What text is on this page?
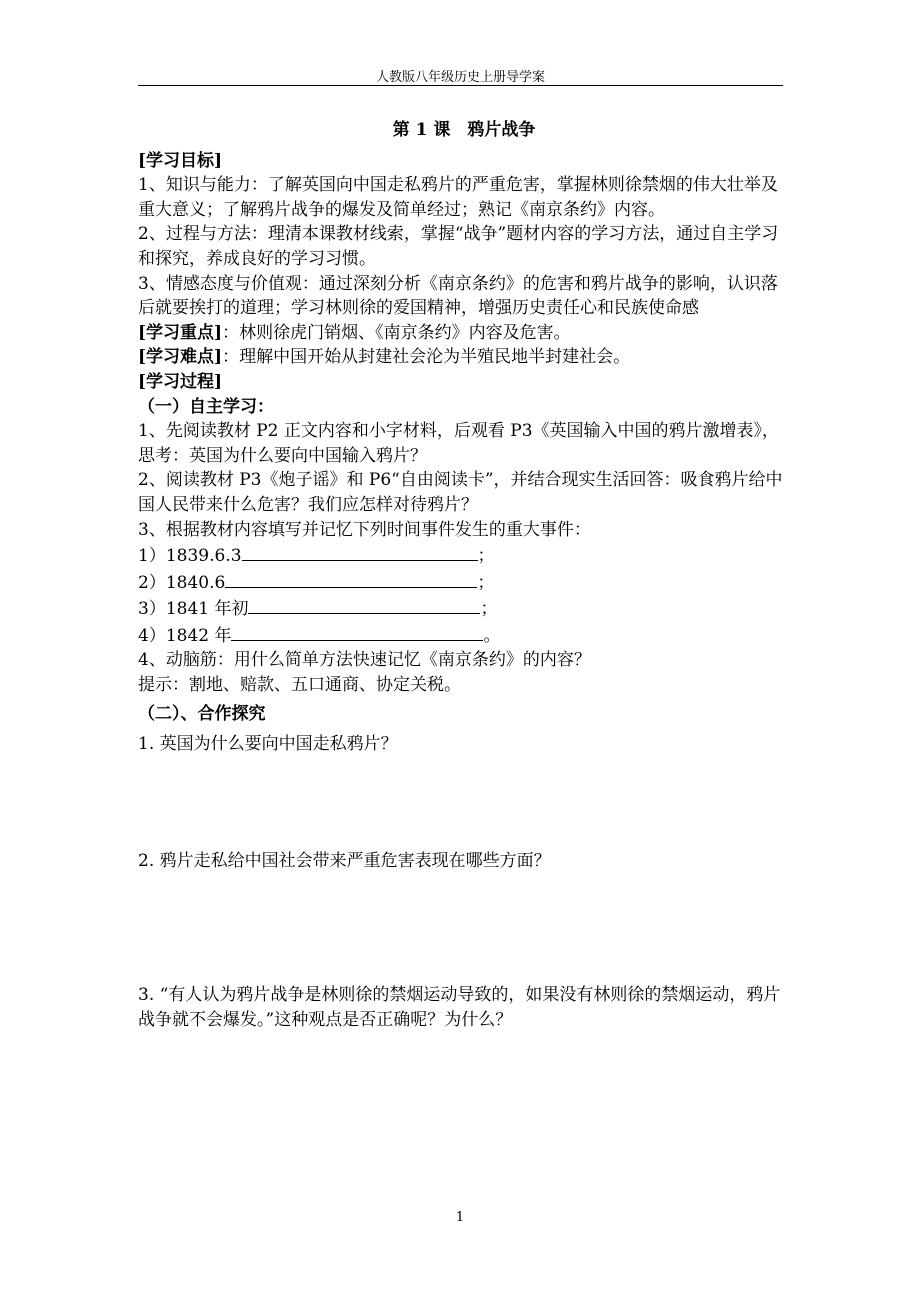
人教版八年级历史上册导学案

第 1 课　鸦片战争

[学习目标]

1、知识与能力：了解英国向中国走私鸦片的严重危害，掌握林则徐禁烟的伟大壮举及重大意义；了解鸦片战争的爆发及简单经过；熟记《南京条约》内容。

2、过程与方法：理清本课教材线索，掌握“战争”题材内容的学习方法，通过自主学习和探究，养成良好的学习习惯。

3、情感态度与价值观：通过深刻分析《南京条约》的危害和鸦片战争的影响，认识落后就要挨打的道理；学习林则徐的爱国精神，增强历史责任心和民族使命感

[学习重点]：林则徐虎门销烟、《南京条约》内容及危害。

[学习难点]：理解中国开始从封建社会沦为半殖民地半封建社会。

[学习过程]

（一）自主学习：

1、先阅读教材 P2 正文内容和小字材料，后观看 P3《英国输入中国的鸦片激增表》，思考：英国为什么要向中国输入鸦片？

2、阅读教材 P3《炮子谣》和 P6“自由阅读卡”，并结合现实生活回答：吸食鸦片给中国人民带来什么危害？我们应怎样对待鸦片？

3、根据教材内容填写并记忆下列时间事件发生的重大事件：

1）1839.6.3	；

2）1840.6	；

3）1841 年初	；

4）1842 年	。

4、动脑筋：用什么简单方法快速记忆《南京条约》的内容？

提示：割地、赔款、五口通商、协定关税。

（二）、合作探究

1. 英国为什么要向中国走私鸦片？

2. 鸦片走私给中国社会带来严重危害表现在哪些方面？

3. “有人认为鸦片战争是林则徐的禁烟运动导致的，如果没有林则徐的禁烟运动，鸦片战争就不会爆发。”这种观点是否正确呢？为什么？

1
